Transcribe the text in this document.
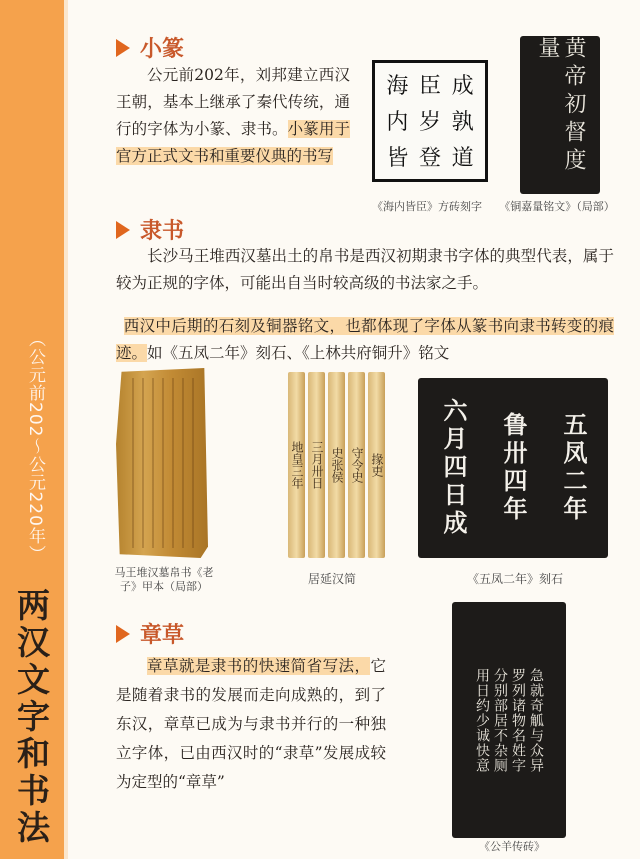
（公元前202～公元220年）
两汉文字和书法
小篆
公元前202年，刘邦建立西汉王朝，基本上继承了秦代传统，通行的字体为小篆、隶书。小篆用于官方正式文书和重要仪典的书写
海 臣 成
内 岁 孰
皆 登 道	黄帝初督度量
《海内皆臣》方砖刻字	《铜嘉量铭文》（局部）
隶书
长沙马王堆西汉墓出土的帛书是西汉初期隶书字体的典型代表，属于较为正规的字体，可能出自当时较高级的书法家之手。
西汉中后期的石刻及铜器铭文，也都体现了字体从篆书向隶书转变的痕迹。如《五凤二年》刻石、《上林共府铜升》铭文
马王堆汉墓帛书《老子》甲本（局部）
地皇三年 三月卅日 史张侯 守令史 掾吏
居延汉简
六月四日成	鲁卅四年	五凤二年
《五凤二年》刻石
章草
章草就是隶书的快速简省写法，它是随着隶书的发展而走向成熟的，到了东汉，章草已成为与隶书并行的一种独立字体，已由西汉时的“隶草”发展成较为定型的“章草”
用日约少诚快意 分别部居不杂厕 罗列诸物名姓字 急就奇觚与众异
《公羊传砖》
